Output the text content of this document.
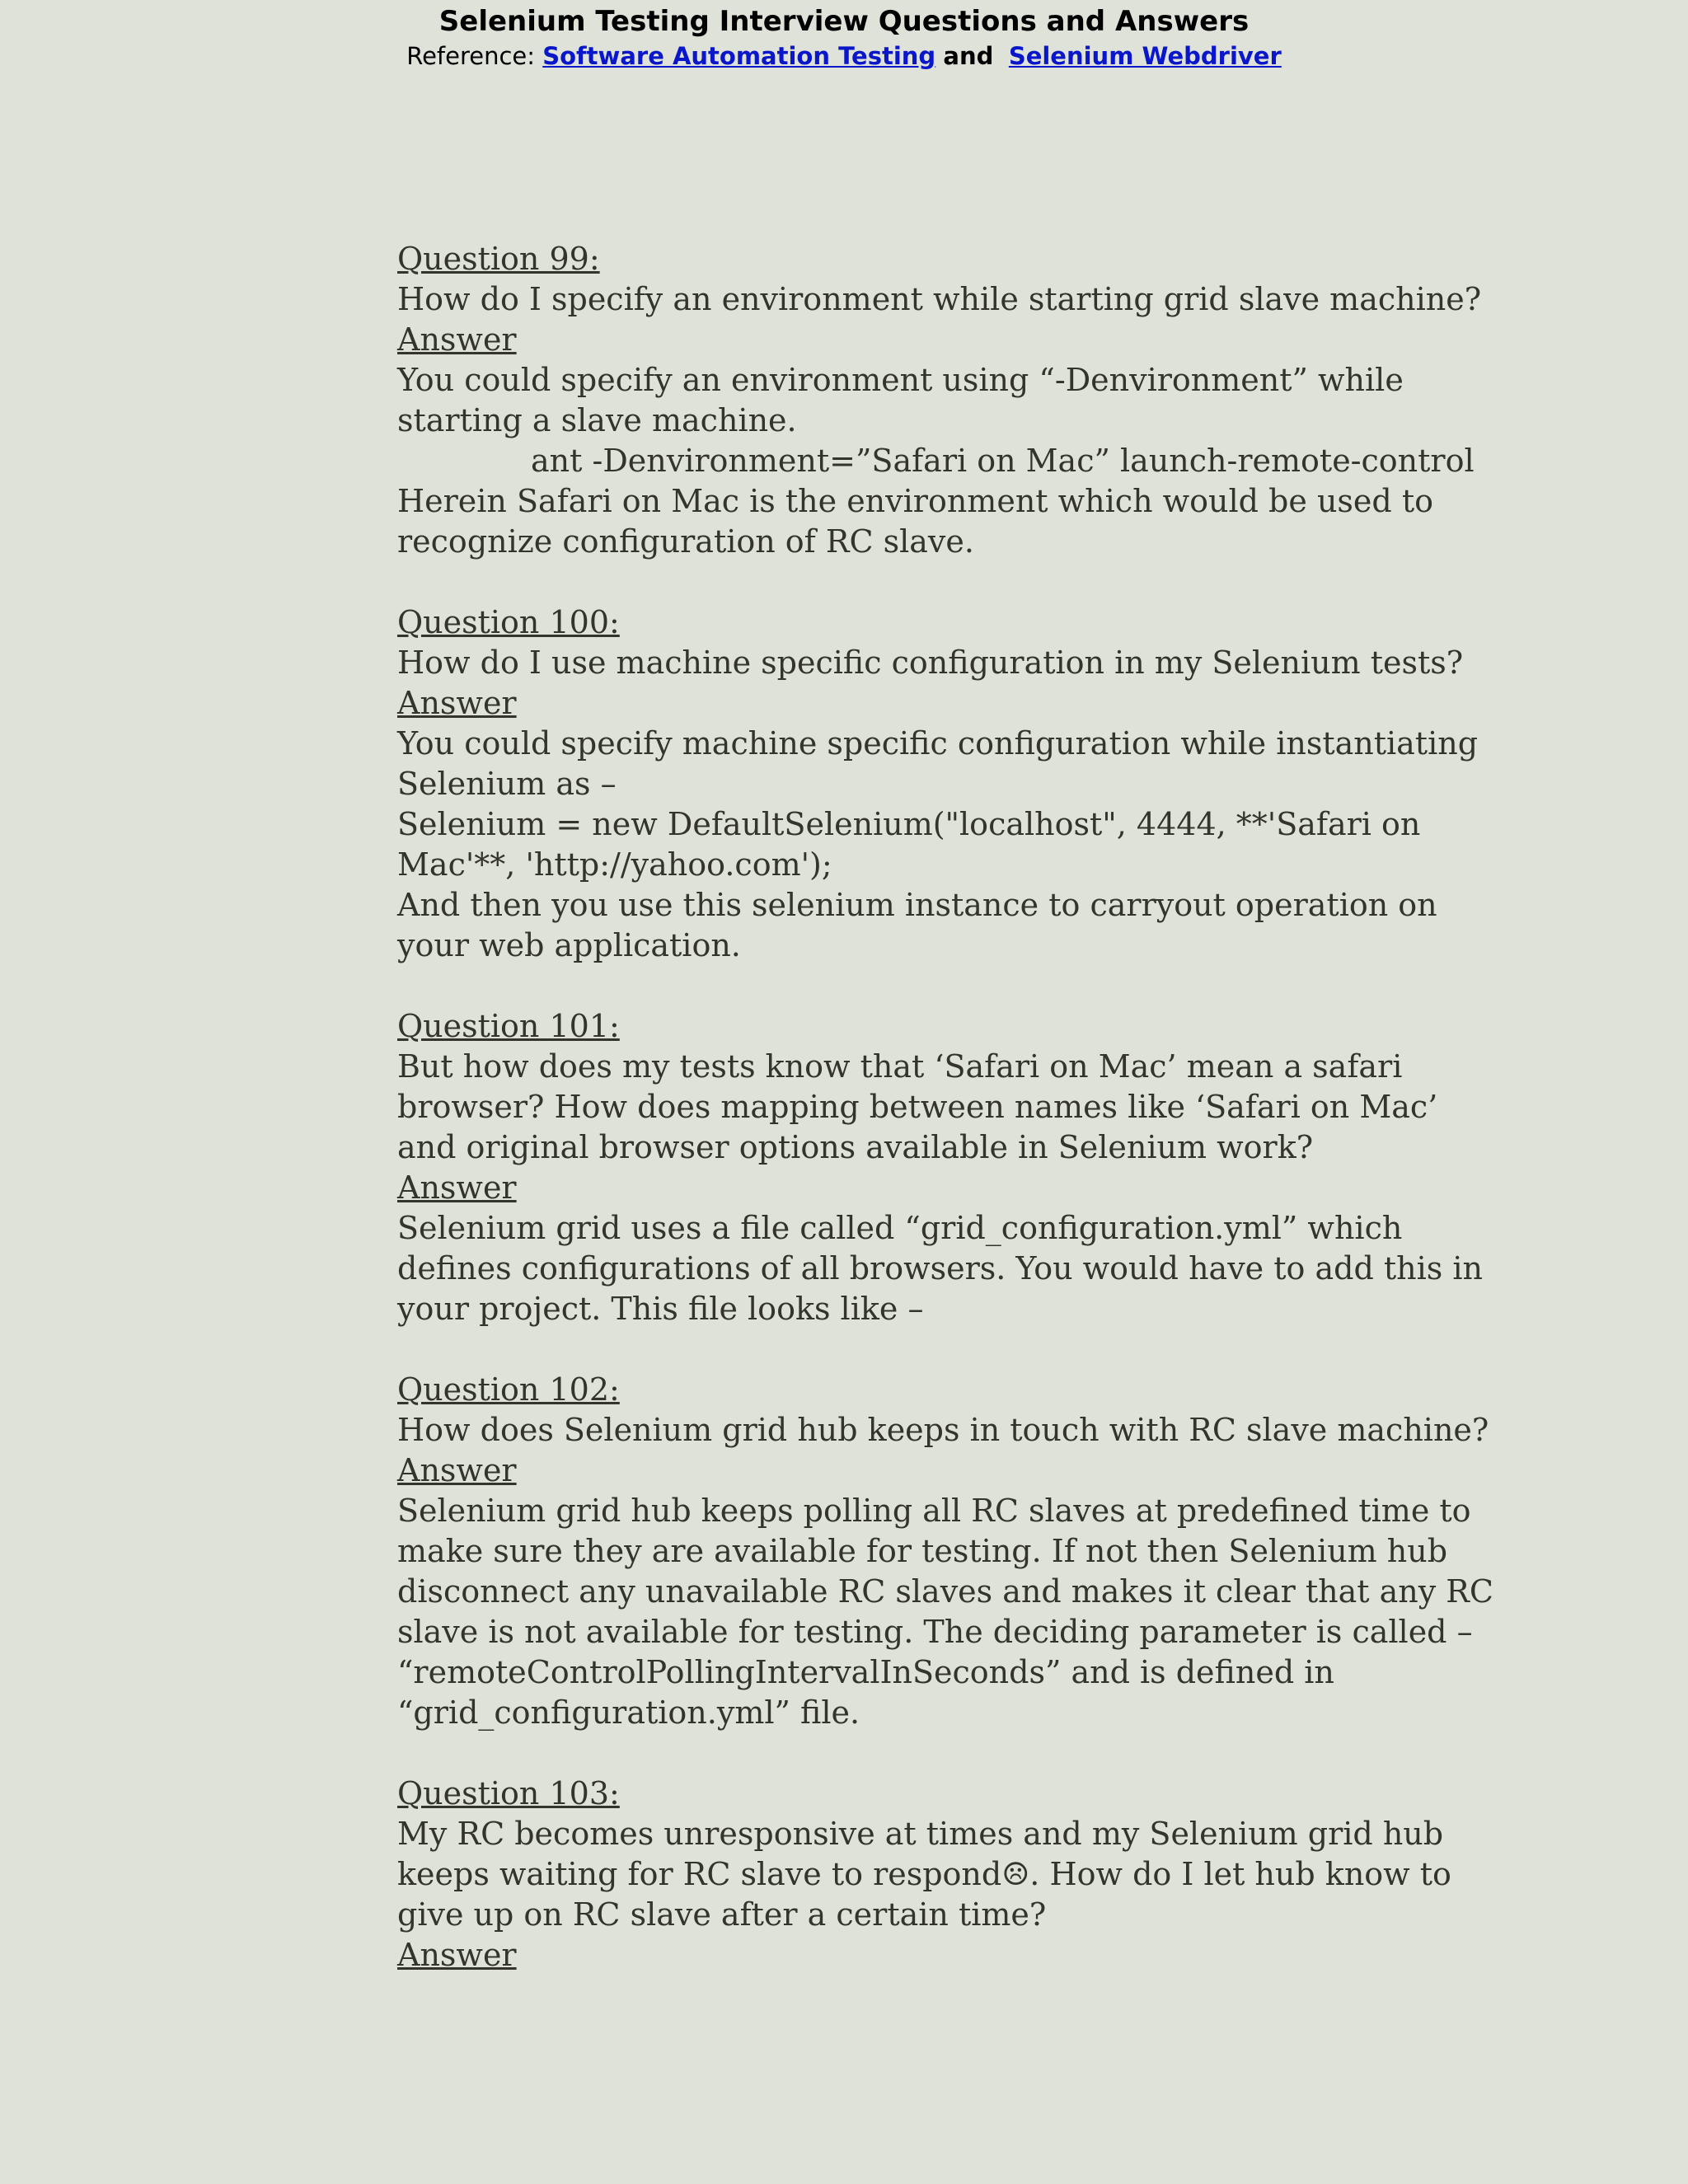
Selenium Testing Interview Questions and Answers
Reference: Software Automation Testing and Selenium Webdriver
Question 99:
How do I specify an environment while starting grid slave machine?
Answer
You could specify an environment using “-Denvironment” while starting a slave machine.
ant -Denvironment=”Safari on Mac” launch-remote-control
Herein Safari on Mac is the environment which would be used to recognize configuration of RC slave.
Question 100:
How do I use machine specific configuration in my Selenium tests?
Answer
You could specify machine specific configuration while instantiating Selenium as –
Selenium = new DefaultSelenium("localhost", 4444, **'Safari on Mac'**, 'http://yahoo.com');
And then you use this selenium instance to carryout operation on your web application.
Question 101:
But how does my tests know that ‘Safari on Mac’ mean a safari browser? How does mapping between names like ‘Safari on Mac’ and original browser options available in Selenium work?
Answer
Selenium grid uses a file called “grid_configuration.yml” which defines configurations of all browsers. You would have to add this in your project. This file looks like –
Question 102:
How does Selenium grid hub keeps in touch with RC slave machine?
Answer
Selenium grid hub keeps polling all RC slaves at predefined time to make sure they are available for testing. If not then Selenium hub disconnect any unavailable RC slaves and makes it clear that any RC slave is not available for testing. The deciding parameter is called – “remoteControlPollingIntervalInSeconds” and is defined in “grid_configuration.yml” file.
Question 103:
My RC becomes unresponsive at times and my Selenium grid hub keeps waiting for RC slave to respond☹. How do I let hub know to give up on RC slave after a certain time?
Answer
